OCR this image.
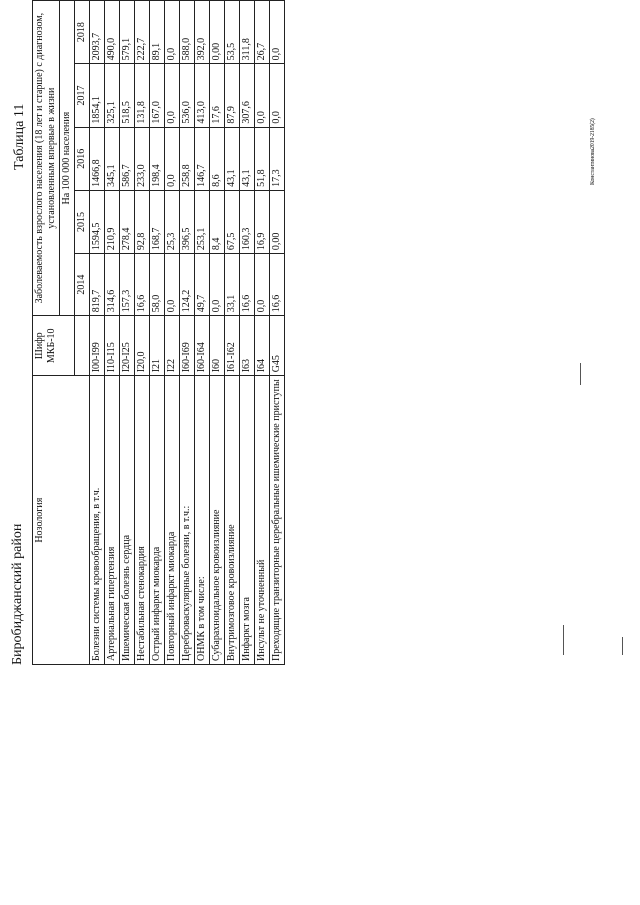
Биробиджанский район
Таблица 11
Нозология	Шифр МКБ-10	Заболеваемость взрослого населения (18 лет и старше) с диагнозом, установленным впервые в жизни				
		На 100 000 населения				
		2014	2015	2016	2017	2018
Болезни системы кровообращения, в т.ч.	I00-I99	819,7	1594,5	1466,8	1854,1	2093,7
Артериальная гипертензия	I10-I15	314,6	210,9	345,1	325,1	490,0
Ишемическая болезнь сердца	I20-I25	157,3	278,4	586,7	518,5	579,1
Нестабильная стенокардия	I20,0	16,6	92,8	233,0	131,8	222,7
Острый инфаркт миокарда	I21	58,0	168,7	198,4	167,0	89,1
Повторный инфаркт миокарда	I22	0,0	25,3	0,0	0,0	0,0
Цереброваскулярные болезни, в т.ч.:	I60-I69	124,2	396,5	258,8	536,0	588,0
ОНМК в том числе:	I60-I64	49,7	253,1	146,7	413,0	392,0
Субарахноидальное кровоизлияние	I60	0,0	8,4	8,6	17,6	0,00
Внутримозговое кровоизлияние	I61-I62	33,1	67,5	43,1	87,9	53,5
Инфаркт мозга	I63	16,6	160,3	43,1	307,6	311,8
Инсульт не уточненный	I64	0,0	16,9	51,8	0,0	26,7
Преходящие транзиторные церебральные ишемические приступы	G45	16,6	0,00	17,3	0,0	0,0
Константинова2019-2185(2)
